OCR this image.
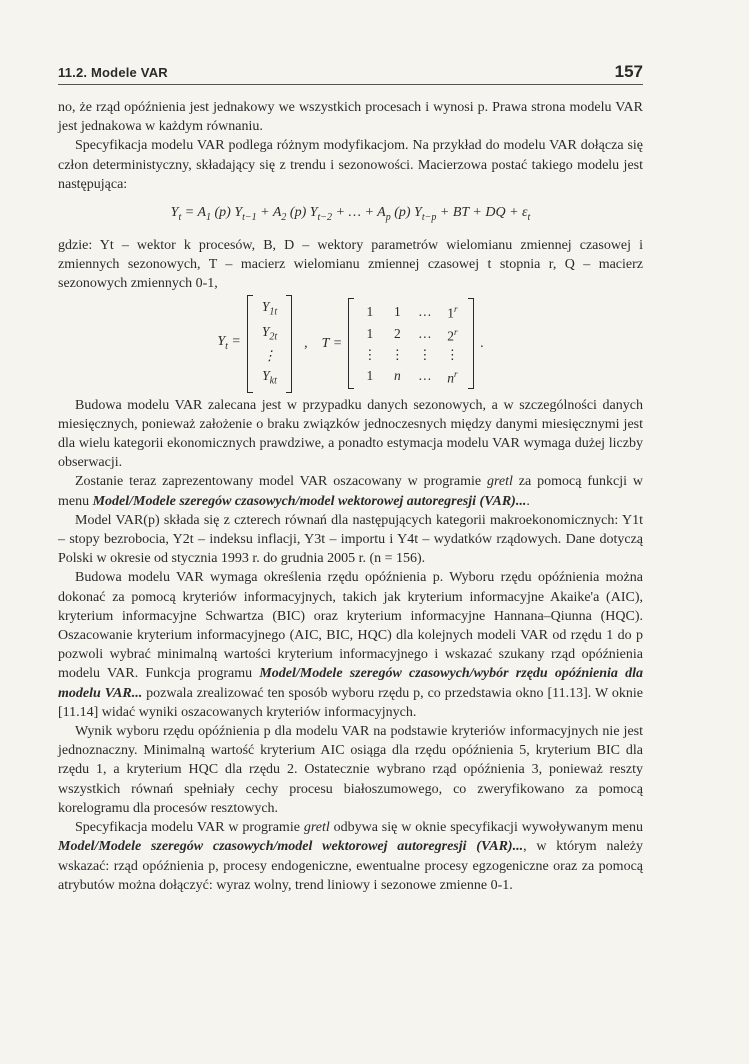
11.2. Modele VAR	157

no, że rząd opóźnienia jest jednakowy we wszystkich procesach i wynosi p. Prawa strona modelu VAR jest jednakowa w każdym równaniu.

Specyfikacja modelu VAR podlega różnym modyfikacjom. Na przykład do modelu VAR dołącza się człon deterministyczny, składający się z trendu i sezonowości. Macierzowa postać takiego modelu jest następująca:

$Y_t = A_1$ (p) $Y_{t-1} + A_2$ (p) $Y_{t-2}$ + … + $A_p$ (p) $Y_{t-p}$ + BT + DQ + $\varepsilon_t$

gdzie: Yt – wektor k procesów, B, D – wektory parametrów wielomianu zmiennej czasowej i zmiennych sezonowych, T – macierz wielomianu zmiennej czasowej t stopnia r, Q – macierz sezonowych zmiennych 0-1,

$Y_t$ =
$Y_{1t}$
$Y_{2t}$
⋮
$Y_{kt}$
, T =
1	1	…	1$^r$
1	2	…	2$^r$
⋮	⋮	⋮	⋮
1	n	…	$n^r$
.

Budowa modelu VAR zalecana jest w przypadku danych sezonowych, a w szczególności danych miesięcznych, ponieważ założenie o braku związków jednoczesnych między danymi miesięcznymi jest dla wielu kategorii ekonomicznych prawdziwe, a ponadto estymacja modelu VAR wymaga dużej liczby obserwacji.

Zostanie teraz zaprezentowany model VAR oszacowany w programie gretl za pomocą funkcji w menu Model/Modele szeregów czasowych/model wektorowej autoregresji (VAR)....

Model VAR(p) składa się z czterech równań dla następujących kategorii makroekonomicznych: Y1t – stopy bezrobocia, Y2t – indeksu inflacji, Y3t – importu i Y4t – wydatków rządowych. Dane dotyczą Polski w okresie od stycznia 1993 r. do grudnia 2005 r. (n = 156).

Budowa modelu VAR wymaga określenia rzędu opóźnienia p. Wyboru rzędu opóźnienia można dokonać za pomocą kryteriów informacyjnych, takich jak kryterium informacyjne Akaike'a (AIC), kryterium informacyjne Schwartza (BIC) oraz kryterium informacyjne Hannana–Qiunna (HQC). Oszacowanie kryterium informacyjnego (AIC, BIC, HQC) dla kolejnych modeli VAR od rzędu 1 do p pozwoli wybrać minimalną wartości kryterium informacyjnego i wskazać szukany rząd opóźnienia modelu VAR. Funkcja programu Model/Modele szeregów czasowych/wybór rzędu opóźnienia dla modelu VAR... pozwala zrealizować ten sposób wyboru rzędu p, co przedstawia okno [11.13]. W oknie [11.14] widać wyniki oszacowanych kryteriów informacyjnych.

Wynik wyboru rzędu opóźnienia p dla modelu VAR na podstawie kryteriów informacyjnych nie jest jednoznaczny. Minimalną wartość kryterium AIC osiąga dla rzędu opóźnienia 5, kryterium BIC dla rzędu 1, a kryterium HQC dla rzędu 2. Ostatecznie wybrano rząd opóźnienia 3, ponieważ reszty wszystkich równań spełniały cechy procesu białoszumowego, co zweryfikowano za pomocą korelogramu dla procesów resztowych.

Specyfikacja modelu VAR w programie gretl odbywa się w oknie specyfikacji wywoływanym menu Model/Modele szeregów czasowych/model wektorowej autoregresji (VAR)..., w którym należy wskazać: rząd opóźnienia p, procesy endogeniczne, ewentualne procesy egzogeniczne oraz za pomocą atrybutów można dołączyć: wyraz wolny, trend liniowy i sezonowe zmienne 0-1.
